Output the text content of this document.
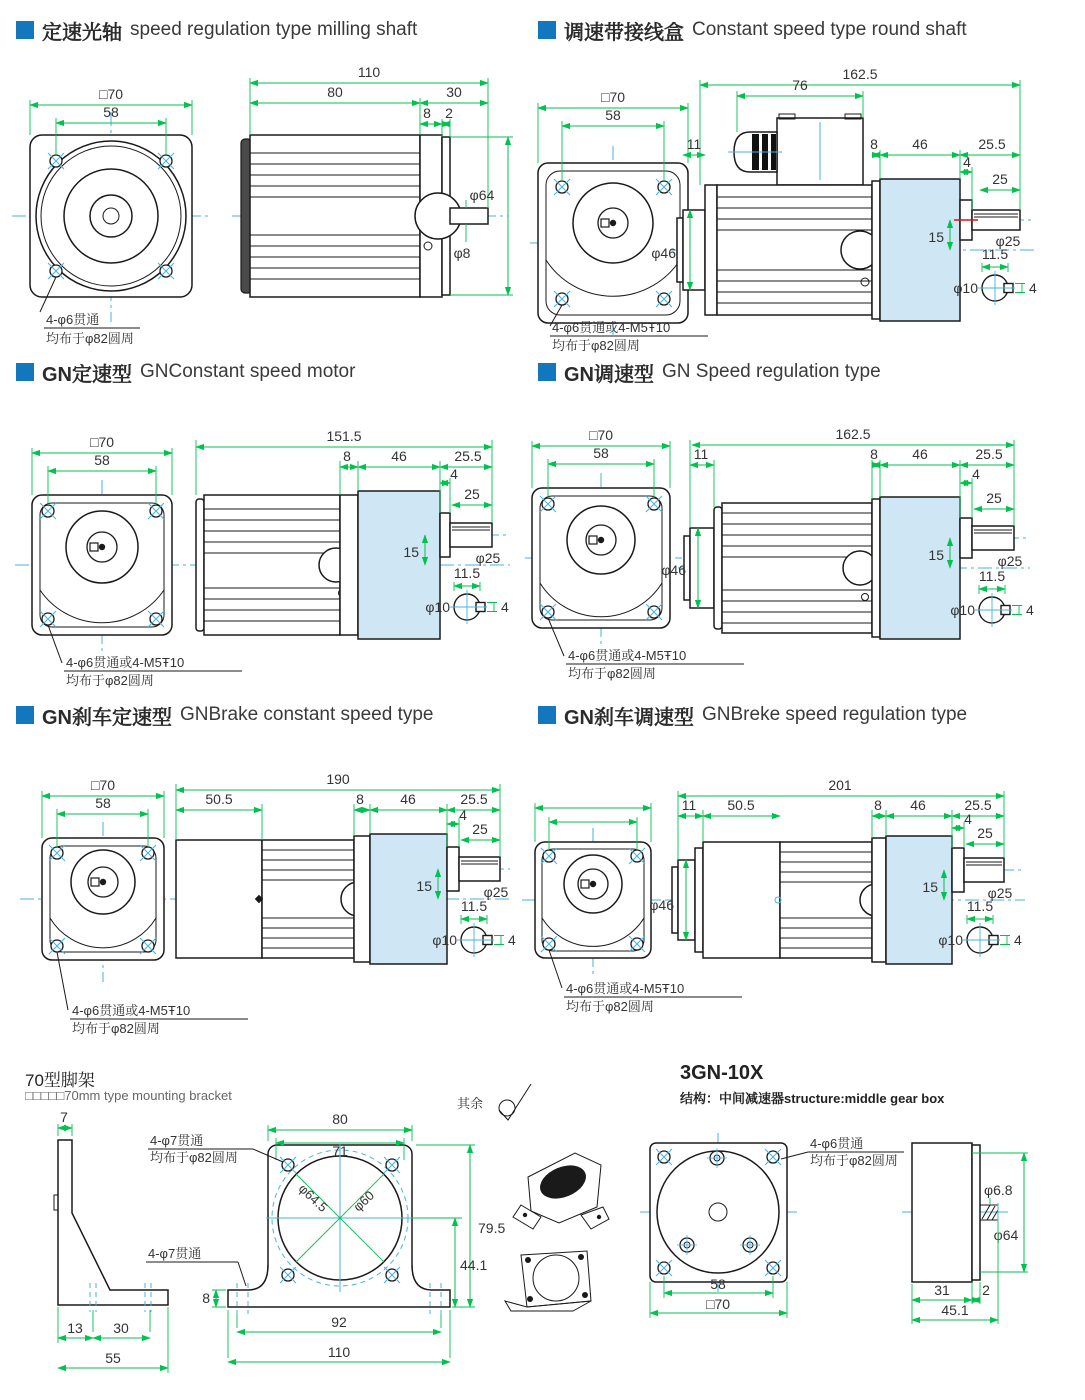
定速光轴 speed regulation type milling shaft	调速带接线盒 Constant speed type round shaft
GN定速型 GNConstant speed motor	GN调速型 GN Speed regulation type
GN刹车定速型 GNBrake constant speed type	GN刹车调速型 GNBreke speed regulation type
□70
58
4-φ6贯通
均布于φ82圆周
110
80	30
8 2
φ64
φ8
□70
58
4-φ6贯通或4-M5Ŧ10
均布于φ82圆周
162.5
76
11	8 46	25.5
4
25
φ25
15
φ46	11.5
φ10	4
□70
58
4-φ6贯通或4-M5Ŧ10
均布于φ82圆周
151.5
8	46	25.5
4
25
φ25
15
11.5
φ10	4
□70
58
4-φ6贯通或4-M5Ŧ10
均布于φ82圆周
162.5
11	8 46	25.5
4
25
φ25
15
φ46	11.5
φ10	4
□70
58
4-φ6贯通或4-M5Ŧ10
均布于φ82圆周
190
50.5	8	46	25.5
4
25
φ25
15
11.5
φ10	4
4-φ6贯通或4-M5Ŧ10
均布于φ82圆周
201
11 50.5	8 46	25.5
4
25
φ25
15
φ46	11.5
φ10	4
70型脚架
□□□□□70mm type mounting bracket
其余
7
13 30
55
φ64.5 φ60
80
71
79.5
44.1
8
92
110
4-φ7贯通
均布于φ82圆周
4-φ7贯通
3GN-10X
结构：中间减速器structure:middle gear box
58
□70
4-φ6贯通
均布于φ82圆周
φ6.8
φ64
31 2
45.1
